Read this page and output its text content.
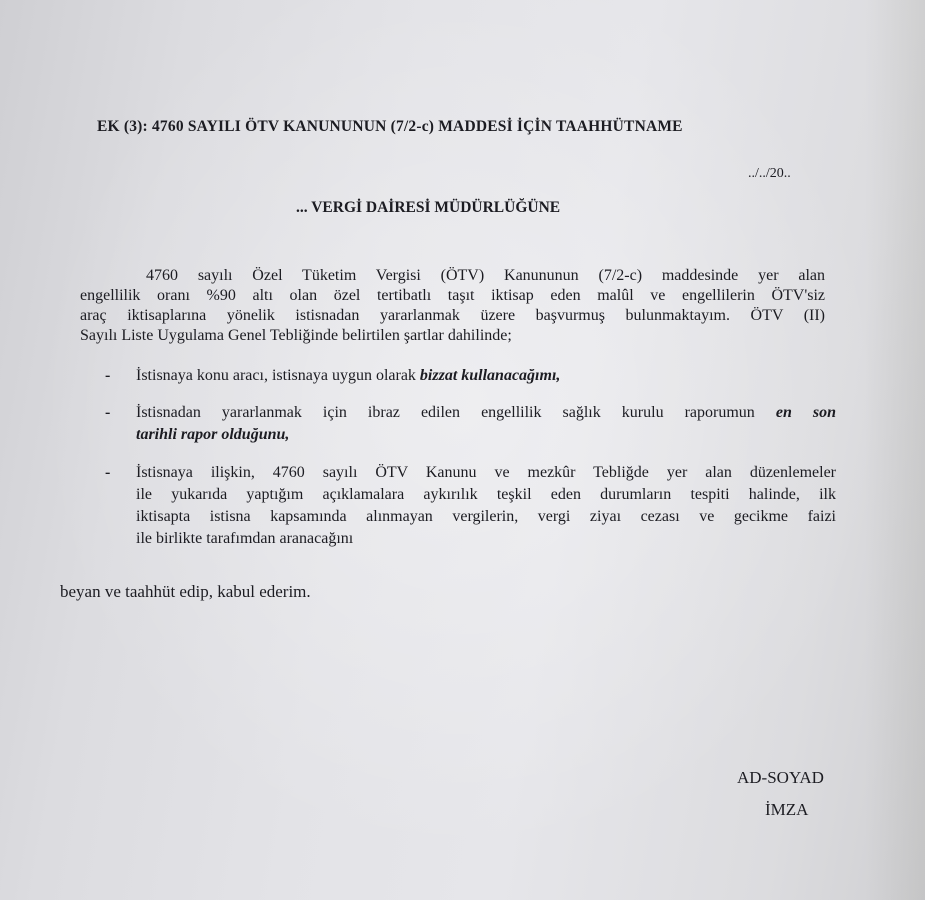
EK (3): 4760 SAYILI ÖTV KANUNUNUN (7/2-c) MADDESİ İÇİN TAAHHÜTNAME
../../20..
... VERGİ DAİRESİ MÜDÜRLÜĞÜNE
4760 sayılı Özel Tüketim Vergisi (ÖTV) Kanununun (7/2-c) maddesinde yer alan
engellilik oranı %90 altı olan özel tertibatlı taşıt iktisap eden malûl ve engellilerin ÖTV'siz
araç iktisaplarına yönelik istisnadan yararlanmak üzere başvurmuş bulunmaktayım. ÖTV (II)
Sayılı Liste Uygulama Genel Tebliğinde belirtilen şartlar dahilinde;
- İstisnaya konu aracı, istisnaya uygun olarak bizzat kullanacağımı,
- İstisnadan yararlanmak için ibraz edilen engellilik sağlık kurulu raporumun en son
tarihli rapor olduğunu,
- İstisnaya ilişkin, 4760 sayılı ÖTV Kanunu ve mezkûr Tebliğde yer alan düzenlemeler
ile yukarıda yaptığım açıklamalara aykırılık teşkil eden durumların tespiti halinde, ilk
iktisapta istisna kapsamında alınmayan vergilerin, vergi ziyaı cezası ve gecikme faizi
ile birlikte tarafımdan aranacağını
beyan ve taahhüt edip, kabul ederim.
AD-SOYAD
İMZA
